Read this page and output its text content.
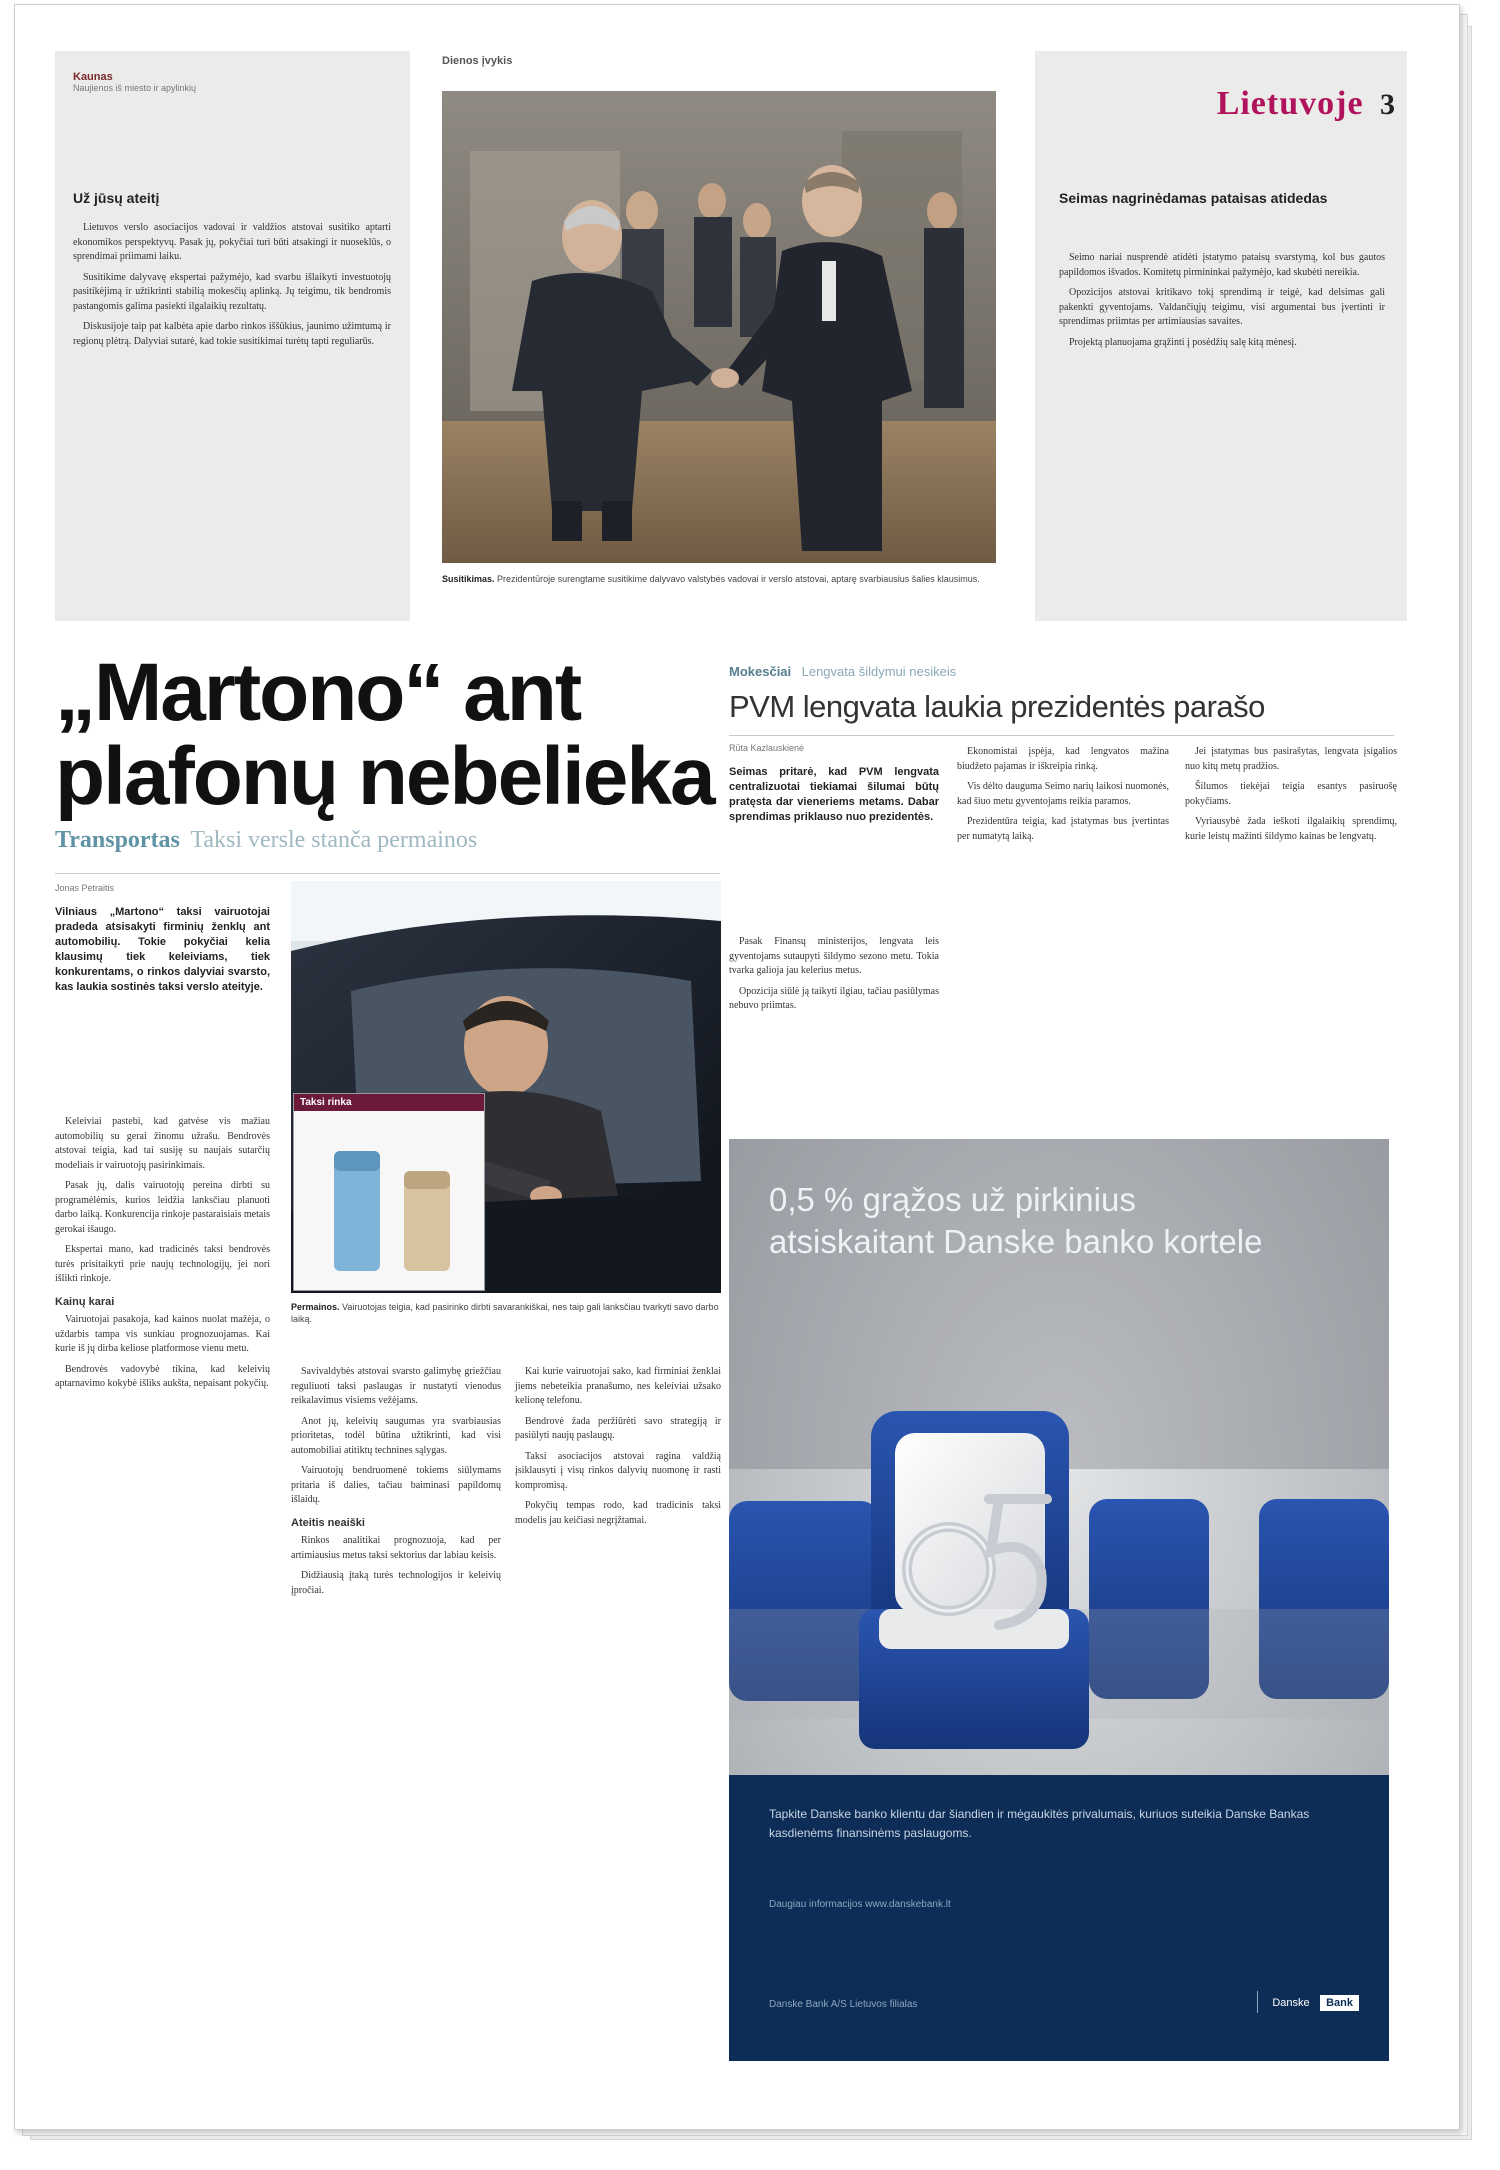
Kaunas
Naujienos iš miesto ir apylinkių
Už jūsų ateitį

Lietuvos verslo asociacijos vadovai ir valdžios atstovai susitiko aptarti ekonomikos perspektyvų. Pasak jų, pokyčiai turi būti atsakingi ir nuoseklūs, o sprendimai priimami laiku.

Susitikime dalyvavę ekspertai pažymėjo, kad svarbu išlaikyti investuotojų pasitikėjimą ir užtikrinti stabilią mokesčių aplinką. Jų teigimu, tik bendromis pastangomis galima pasiekti ilgalaikių rezultatų.

Diskusijoje taip pat kalbėta apie darbo rinkos iššūkius, jaunimo užimtumą ir regionų plėtrą. Dalyviai sutarė, kad tokie susitikimai turėtų tapti reguliarūs.

Dienos įvykis
Susitikimas. Prezidentūroje surengtame susitikime dalyvavo valstybės vadovai ir verslo atstovai, aptarę svarbiausius šalies klausimus.
Lietuvoje 3
Seimas nagrinėdamas pataisas atidedas

Seimo nariai nusprendė atidėti įstatymo pataisų svarstymą, kol bus gautos papildomos išvados. Komitetų pirmininkai pažymėjo, kad skubėti nereikia.

Opozicijos atstovai kritikavo tokį sprendimą ir teigė, kad delsimas gali pakenkti gyventojams. Valdančiųjų teigimu, visi argumentai bus įvertinti ir sprendimas priimtas per artimiausias savaites.

Projektą planuojama grąžinti į posėdžių salę kitą mėnesį.

„Martono“ ant
plafonų nebelieka
Transportas Taksi versle stanča permainos
Jonas Petraitis
Vilniaus „Martono“ taksi vairuotojai pradeda atsisakyti firminių ženklų ant automobilių. Tokie pokyčiai kelia klausimų tiek keleiviams, tiek konkurentams, o rinkos dalyviai svarsto, kas laukia sostinės taksi verslo ateityje.

Keleiviai pastebi, kad gatvėse vis mažiau automobilių su gerai žinomu užrašu. Bendrovės atstovai teigia, kad tai susiję su naujais sutarčių modeliais ir vairuotojų pasirinkimais.

Pasak jų, dalis vairuotojų pereina dirbti su programėlėmis, kurios leidžia lanksčiau planuoti darbo laiką. Konkurencija rinkoje pastaraisiais metais gerokai išaugo.

Ekspertai mano, kad tradicinės taksi bendrovės turės prisitaikyti prie naujų technologijų, jei nori išlikti rinkoje.

Kainų karai

Vairuotojai pasakoja, kad kainos nuolat mažėja, o uždarbis tampa vis sunkiau prognozuojamas. Kai kurie iš jų dirba keliose platformose vienu metu.

Bendrovės vadovybė tikina, kad keleivių aptarnavimo kokybė išliks aukšta, nepaisant pokyčių.

Taksi rinka
Permainos. Vairuotojas teigia, kad pasirinko dirbti savarankiškai, nes taip gali lanksčiau tvarkyti savo darbo laiką.

Savivaldybės atstovai svarsto galimybę griežčiau reguliuoti taksi paslaugas ir nustatyti vienodus reikalavimus visiems vežėjams.

Anot jų, keleivių saugumas yra svarbiausias prioritetas, todėl būtina užtikrinti, kad visi automobiliai atitiktų technines sąlygas.

Vairuotojų bendruomenė tokiems siūlymams pritaria iš dalies, tačiau baiminasi papildomų išlaidų.

Ateitis neaiški

Rinkos analitikai prognozuoja, kad per artimiausius metus taksi sektorius dar labiau keisis.

Didžiausią įtaką turės technologijos ir keleivių įpročiai.

Kai kurie vairuotojai sako, kad firminiai ženklai jiems nebeteikia pranašumo, nes keleiviai užsako kelionę telefonu.

Bendrovė žada peržiūrėti savo strategiją ir pasiūlyti naujų paslaugų.

Taksi asociacijos atstovai ragina valdžią įsiklausyti į visų rinkos dalyvių nuomonę ir rasti kompromisą.

Pokyčių tempas rodo, kad tradicinis taksi modelis jau keičiasi negrįžtamai.

Mokesčiai Lengvata šildymui nesikeis
PVM lengvata laukia prezidentės parašo
Rūta Kazlauskienė
Seimas pritarė, kad PVM lengvata centralizuotai tiekiamai šilumai būtų pratęsta dar vieneriems metams. Dabar sprendimas priklauso nuo prezidentės.

Pasak Finansų ministerijos, lengvata leis gyventojams sutaupyti šildymo sezono metu. Tokia tvarka galioja jau kelerius metus.

Opozicija siūlė ją taikyti ilgiau, tačiau pasiūlymas nebuvo priimtas.

Ekonomistai įspėja, kad lengvatos mažina biudžeto pajamas ir iškreipia rinką.

Vis dėlto dauguma Seimo narių laikosi nuomonės, kad šiuo metu gyventojams reikia paramos.

Prezidentūra teigia, kad įstatymas bus įvertintas per numatytą laiką.

Jei įstatymas bus pasirašytas, lengvata įsigalios nuo kitų metų pradžios.

Šilumos tiekėjai teigia esantys pasiruošę pokyčiams.

Vyriausybė žada ieškoti ilgalaikių sprendimų, kurie leistų mažinti šildymo kainas be lengvatų.

0,5 % grąžos už pirkinius
atsiskaitant Danske banko kortele
Tapkite Danske banko klientu dar šiandien ir mėgaukitės privalumais, kuriuos suteikia Danske Bankas kasdienėms finansinėms paslaugoms.
Daugiau informacijos www.danskebank.lt
Danske Bank A/S Lietuvos filialas	Danske Bank
